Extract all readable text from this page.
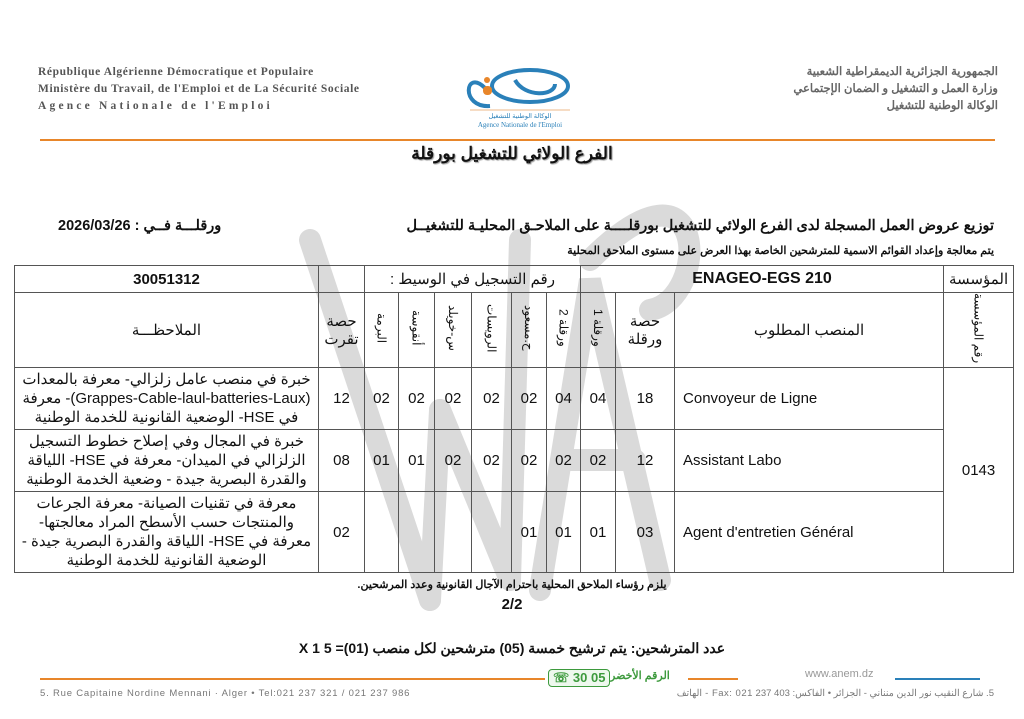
République Algérienne Démocratique et Populaire
Ministère du Travail, de l'Emploi et de La Sécurité Sociale
Agence Nationale de l'Emploi
الجمهورية الجزائرية الديمقراطية الشعبية
وزارة العمل و التشغيل و الضمان الإجتماعي
الوكالة الوطنية للتشغيل
الوكالة الوطنية للتشغيل
Agence Nationale de l'Emploi
الفرع الولائي للتشغيل بورقلة
توزيع عروض العمل المسجلة لدى الفرع الولائي للتشغيل بورقلــــة على الملاحـق المحليـة للتشغيــل
ورقلـــة فــي : 2026/03/26
يتم معالجة وإعداد القوائم الاسمية للمترشحين الخاصة بهذا العرض على مستوى الملاحق المحلية
30051312		رقم التسجيل في الوسيط :						ENAGEO-EGS 210			المؤسسة
الملاحظـــة	حصة تقرت	البرمة	أنقوسة	س-خويلد	الرويسات	ح.مسعود	ورقلة 2	ورقلة 1	حصة ورقلة	المنصب المطلوب	رقم المؤسسة
خبرة في منصب عامل زلزالي- معرفة بالمعدات (Grappes-Cable-laul-batteries-Laux)- معرفة في HSE- الوضعية القانونية للخدمة الوطنية	12	02	02	02	02	02	04	04	18	Convoyeur de Ligne	0143
خبرة في المجال وفي إصلاح خطوط التسجيل الزلزالي في الميدان- معرفة في HSE- اللياقة والقدرة البصرية جيدة - وضعية الخدمة الوطنية	08	01	01	02	02	02	02	02	12	Assistant Labo	
معرفة في تقنيات الصيانة- معرفة الجرعات والمنتجات حسب الأسطح المراد معالجتها- معرفة في HSE- اللياقة والقدرة البصرية جيدة - الوضعية القانونية للخدمة الوطنية	02					01	01	01	03	Agent d'entretien Général	
يلزم رؤساء الملاحق المحلية باحترام الآجال القانونية وعدد المرشحين.
2/2
عدد المترشحين: يتم ترشيح خمسة (05) مترشحين لكل منصب (01)= 5 X 1
☏ 30 05 الرقم الأخضر	www.anem.dz
5. Rue Capitaine Nordine Mennani · Alger • Tel:021 237 321 / 021 237 986	5. شارع النقيب نور الدين منناني - الجزائر • الفاكس: 403 237 Fax: 021 - الهاتف
